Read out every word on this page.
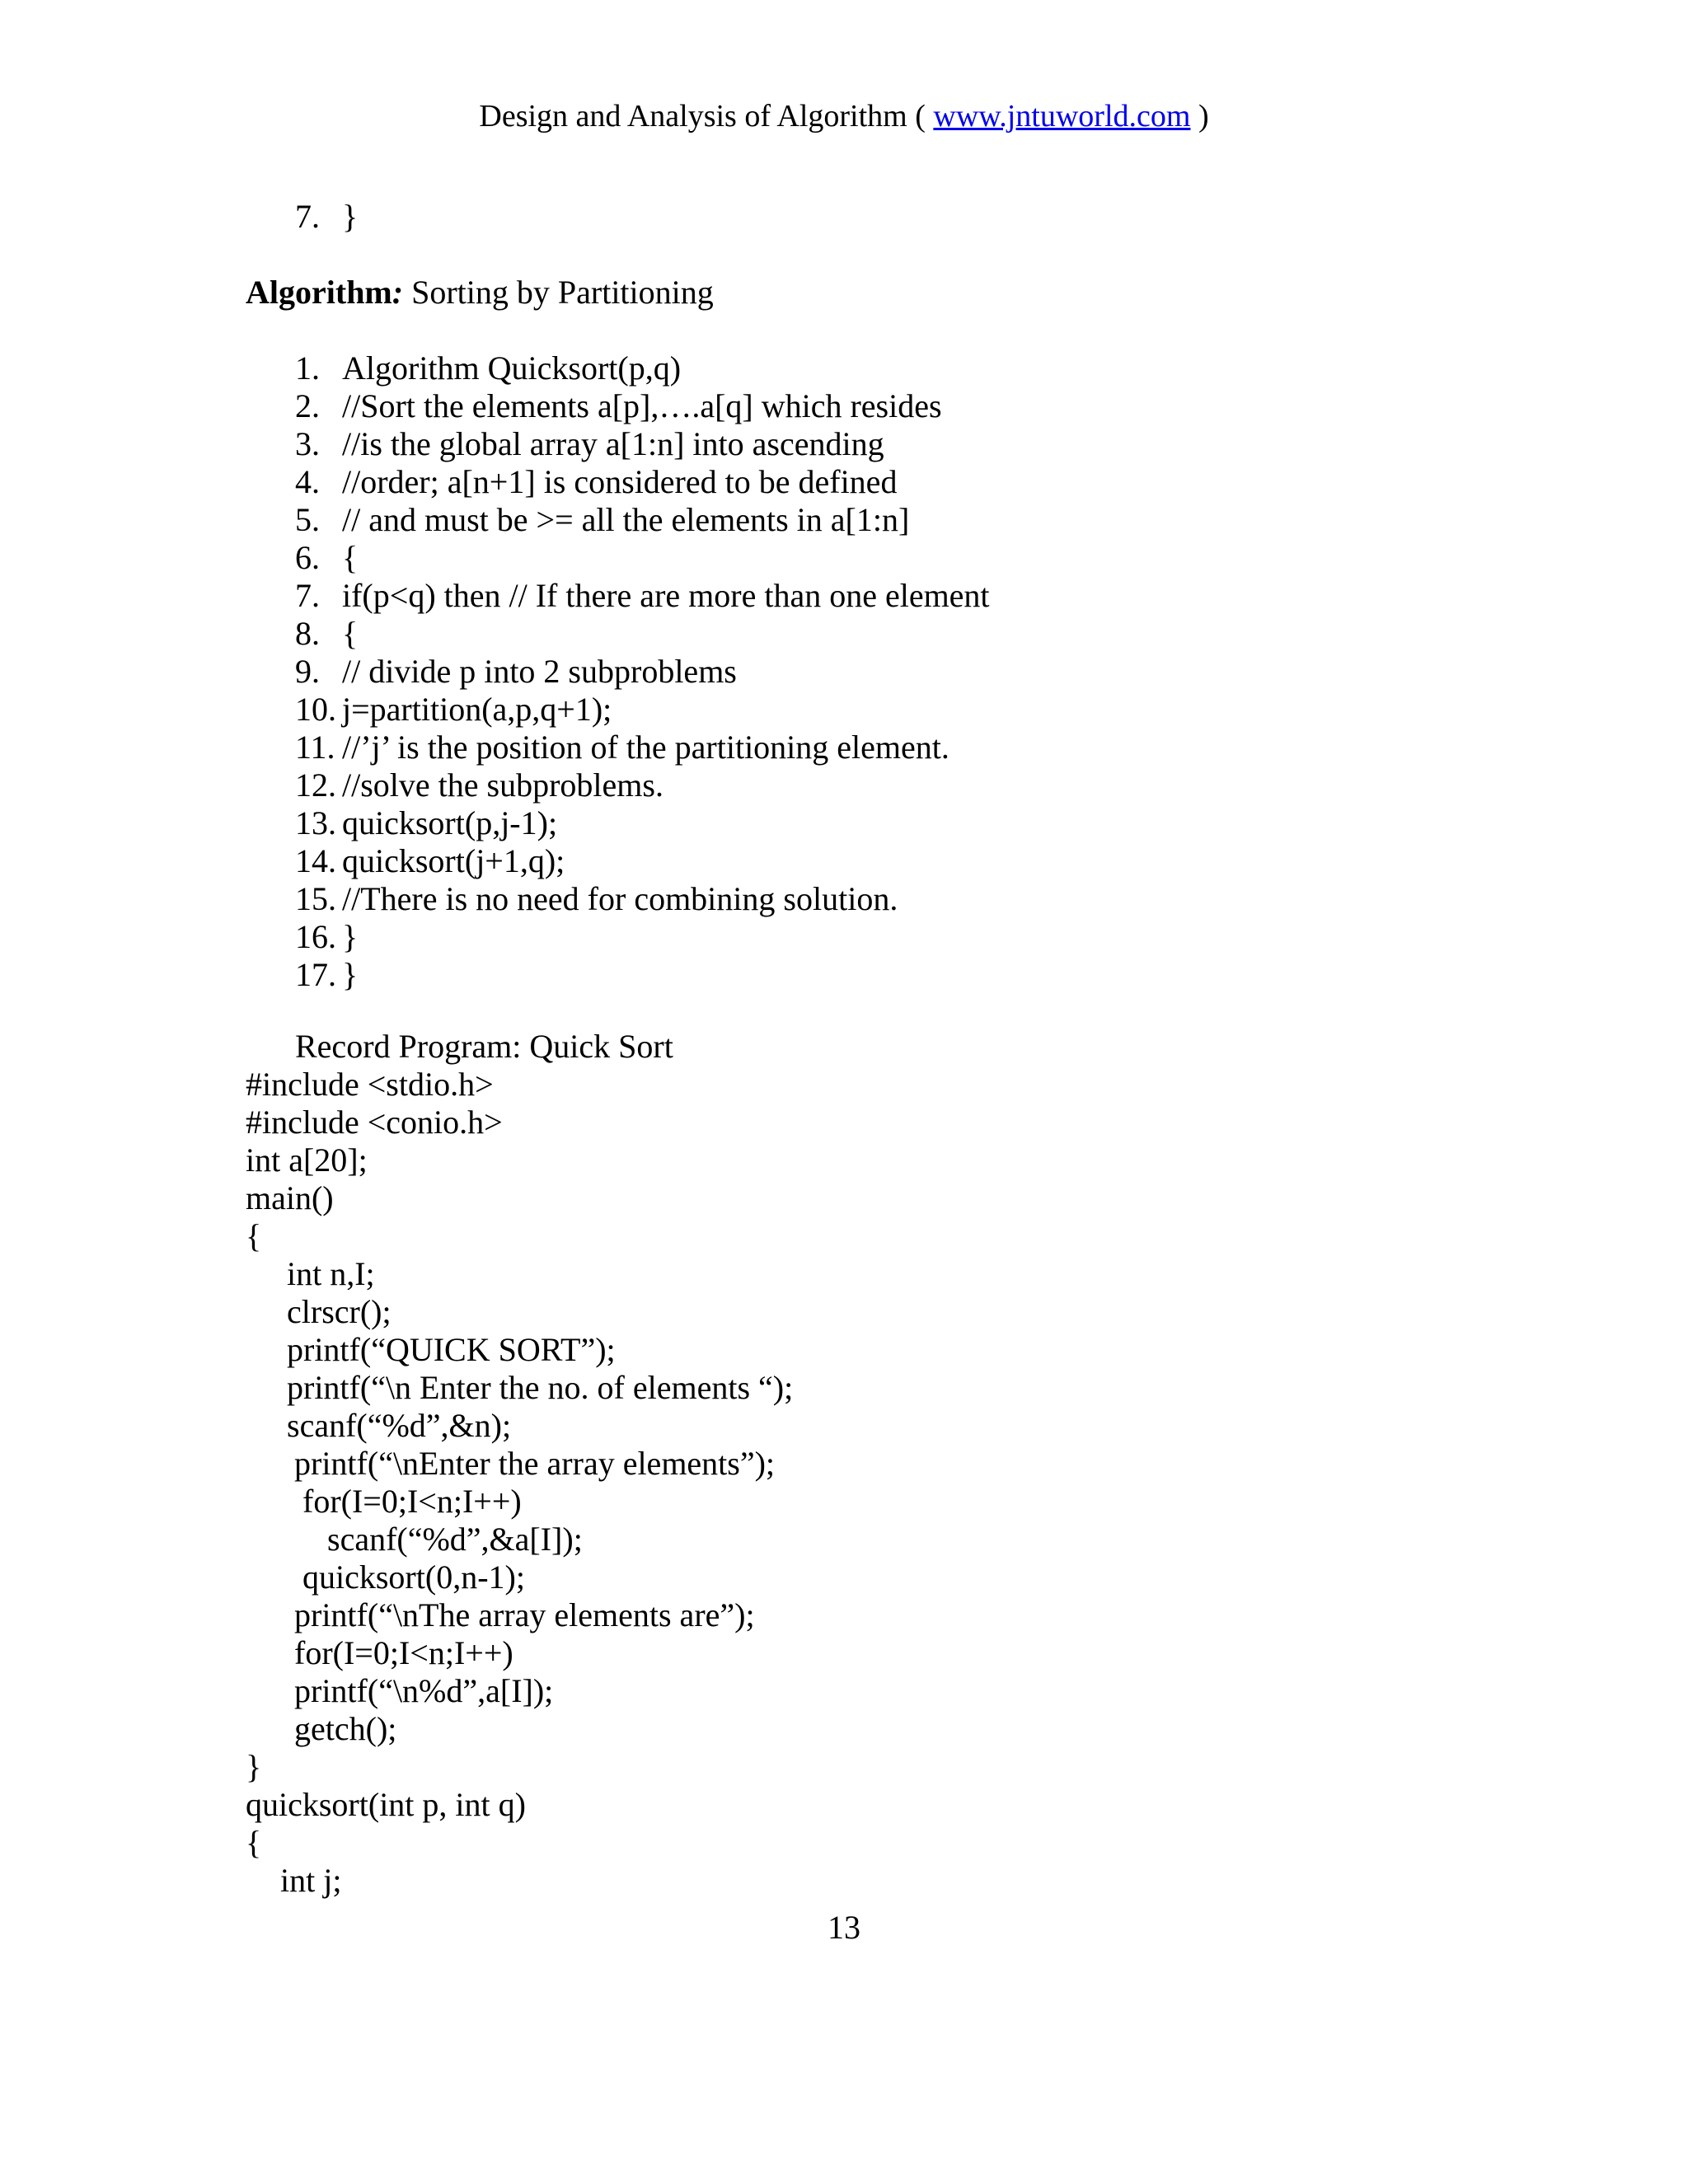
Design and Analysis of Algorithm ( www.jntuworld.com )
7. }
Algorithm: Sorting by Partitioning
1. Algorithm Quicksort(p,q)
2. //Sort the elements a[p],….a[q] which resides
3. //is the global array a[1:n] into ascending
4. //order; a[n+1] is considered to be defined
5. // and must be >= all the elements in a[1:n]
6. {
7. if(p<q) then // If there are more than one element
8. {
9. // divide p into 2 subproblems
10. j=partition(a,p,q+1);
11. //’j’ is the position of the partitioning element.
12. //solve the subproblems.
13. quicksort(p,j-1);
14. quicksort(j+1,q);
15. //There is no need for combining solution.
16. }
17. }
Record Program: Quick Sort
#include <stdio.h>
#include <conio.h>
int a[20];
main()
{
int n,I;
clrscr();
printf(“QUICK SORT”);
printf(“\n Enter the no. of elements “);
scanf(“%d”,&n);
printf(“\nEnter the array elements”);
for(I=0;I<n;I++)
scanf(“%d”,&a[I]);
quicksort(0,n-1);
printf(“\nThe array elements are”);
for(I=0;I<n;I++)
printf(“\n%d”,a[I]);
getch();
}
quicksort(int p, int q)
{
int j;
13
